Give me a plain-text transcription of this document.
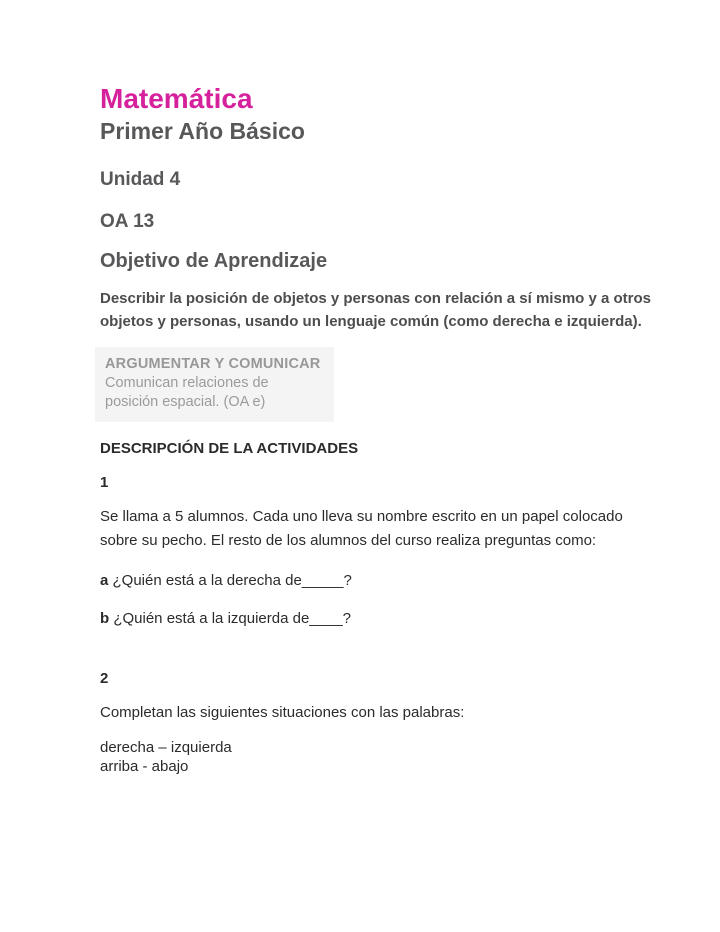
Matemática
Primer Año Básico
Unidad 4
OA 13
Objetivo de Aprendizaje

Describir la posición de objetos y personas con relación a sí mismo y a otros
objetos y personas, usando un lenguaje común (como derecha e izquierda).

ARGUMENTAR Y COMUNICAR
Comunican relaciones de
posición espacial. (OA e)
DESCRIPCIÓN DE LA ACTIVIDADES
1

Se llama a 5 alumnos. Cada uno lleva su nombre escrito en un papel colocado
sobre su pecho. El resto de los alumnos del curso realiza preguntas como:

a ¿Quién está a la derecha de_____?

b ¿Quién está a la izquierda de____?

2

Completan las siguientes situaciones con las palabras:

derecha – izquierda
arriba - abajo
